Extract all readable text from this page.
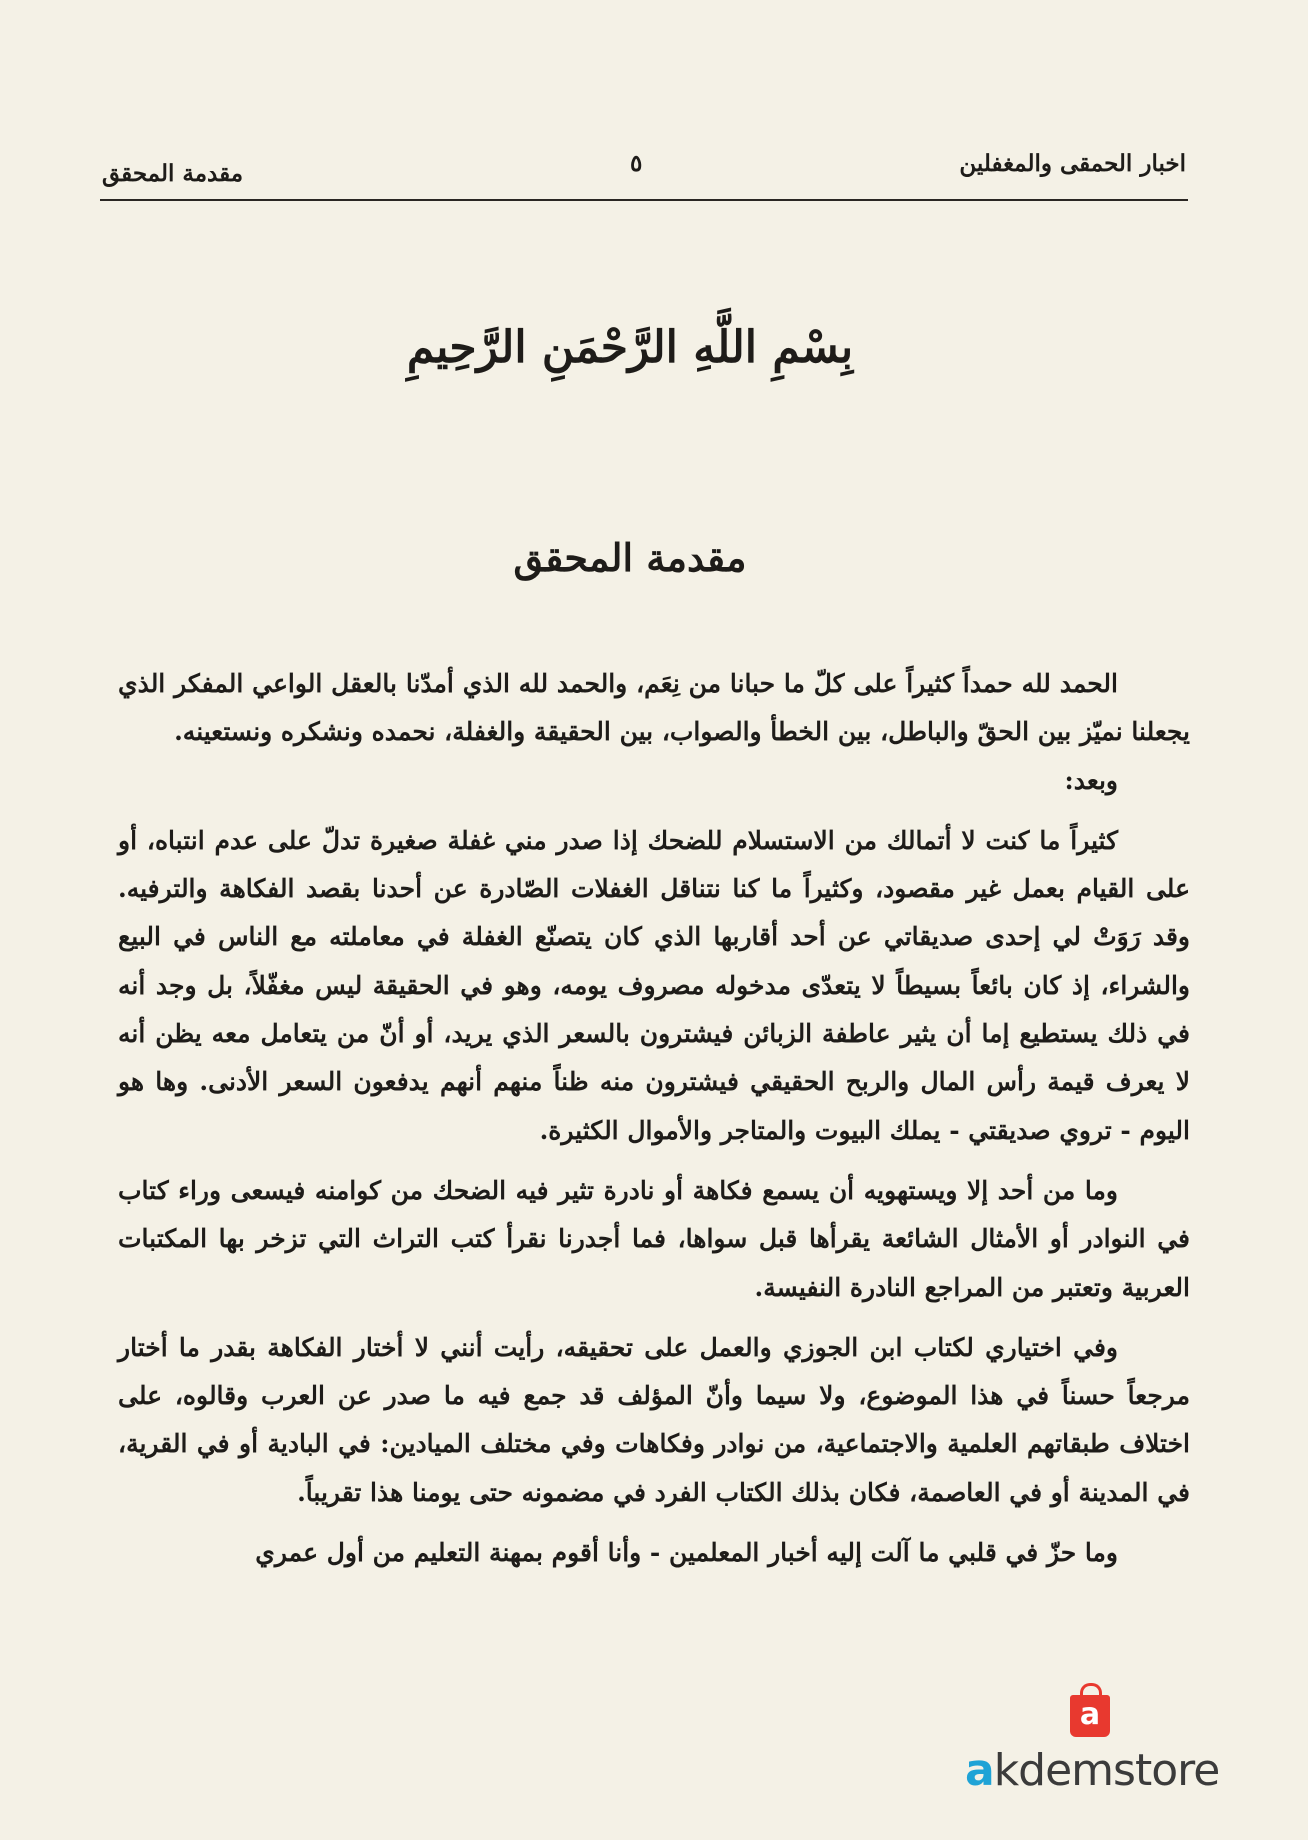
اخبار الحمقى والمغفلين
٥
مقدمة المحقق
بِسْمِ اللَّهِ الرَّحْمَنِ الرَّحِيمِ
مقدمة المحقق

الحمد لله حمداً كثيراً على كلّ ما حبانا من نِعَم، والحمد لله الذي أمدّنا بالعقل الواعي المفكر الذي يجعلنا نميّز بين الحقّ والباطل، بين الخطأ والصواب، بين الحقيقة والغفلة، نحمده ونشكره ونستعينه.

وبعد:

كثيراً ما كنت لا أتمالك من الاستسلام للضحك إذا صدر مني غفلة صغيرة تدلّ على عدم انتباه، أو على القيام بعمل غير مقصود، وكثيراً ما كنا نتناقل الغفلات الصّادرة عن أحدنا بقصد الفكاهة والترفيه. وقد رَوَتْ لي إحدى صديقاتي عن أحد أقاربها الذي كان يتصنّع الغفلة في معاملته مع الناس في البيع والشراء، إذ كان بائعاً بسيطاً لا يتعدّى مدخوله مصروف يومه، وهو في الحقيقة ليس مغفّلاً، بل وجد أنه في ذلك يستطيع إما أن يثير عاطفة الزبائن فيشترون بالسعر الذي يريد، أو أنّ من يتعامل معه يظن أنه لا يعرف قيمة رأس المال والربح الحقيقي فيشترون منه ظناً منهم أنهم يدفعون السعر الأدنى. وها هو اليوم - تروي صديقتي - يملك البيوت والمتاجر والأموال الكثيرة.

وما من أحد إلا ويستهويه أن يسمع فكاهة أو نادرة تثير فيه الضحك من كوامنه فيسعى وراء كتاب في النوادر أو الأمثال الشائعة يقرأها قبل سواها، فما أجدرنا نقرأ كتب التراث التي تزخر بها المكتبات العربية وتعتبر من المراجع النادرة النفيسة.

وفي اختياري لكتاب ابن الجوزي والعمل على تحقيقه، رأيت أنني لا أختار الفكاهة بقدر ما أختار مرجعاً حسناً في هذا الموضوع، ولا سيما وأنّ المؤلف قد جمع فيه ما صدر عن العرب وقالوه، على اختلاف طبقاتهم العلمية والاجتماعية، من نوادر وفكاهات وفي مختلف الميادين: في البادية أو في القرية، في المدينة أو في العاصمة، فكان بذلك الكتاب الفرد في مضمونه حتى يومنا هذا تقريباً.

وما حزّ في قلبي ما آلت إليه أخبار المعلمين - وأنا أقوم بمهنة التعليم من أول عمري

a
akdemstore
